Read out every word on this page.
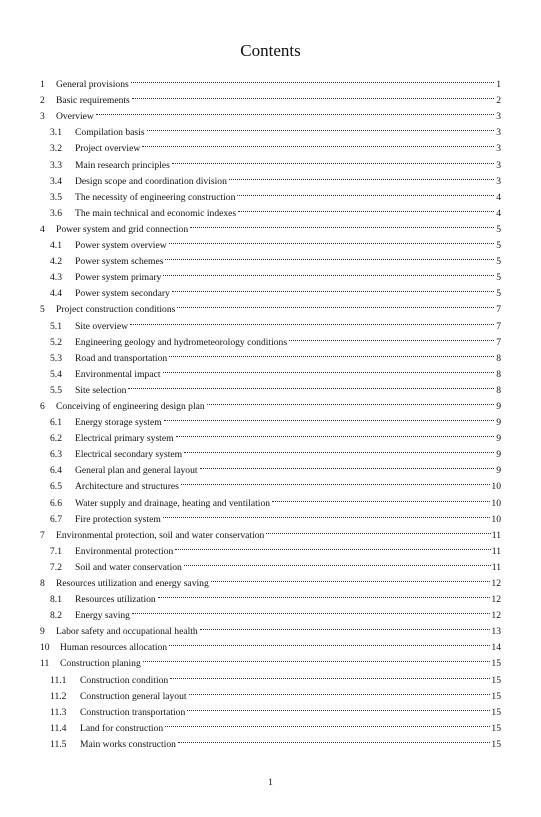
Contents
1	General provisions	1
2	Basic requirements	2
3	Overview	3
3.1	Compilation basis	3
3.2	Project overview	3
3.3	Main research principles	3
3.4	Design scope and coordination division	3
3.5	The necessity of engineering construction	4
3.6	The main technical and economic indexes	4
4	Power system and grid connection	5
4.1	Power system overview	5
4.2	Power system schemes	5
4.3	Power system primary	5
4.4	Power system secondary	5
5	Project construction conditions	7
5.1	Site overview	7
5.2	Engineering geology and hydrometeorology conditions	7
5.3	Road and transportation	8
5.4	Environmental impact	8
5.5	Site selection	8
6	Conceiving of engineering design plan	9
6.1	Energy storage system	9
6.2	Electrical primary system	9
6.3	Electrical secondary system	9
6.4	General plan and general layout	9
6.5	Architecture and structures	10
6.6	Water supply and drainage, heating and ventilation	10
6.7	Fire protection system	10
7	Environmental protection, soil and water conservation	11
7.1	Environmental protection	11
7.2	Soil and water conservation	11
8	Resources utilization and energy saving	12
8.1	Resources utilization	12
8.2	Energy saving	12
9	Labor safety and occupational health	13
10	Human resources allocation	14
11	Construction planing	15
11.1	Construction condition	15
11.2	Construction general layout	15
11.3	Construction transportation	15
11.4	Land for construction	15
11.5	Main works construction	15
1
